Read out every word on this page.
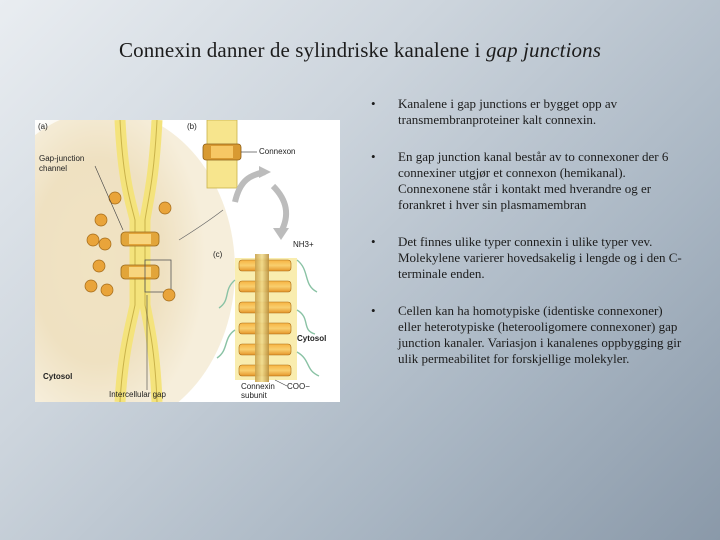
Connexin danner de sylindriske kanalene i gap junctions
(a)	(b)
(c)
Gap-junction
channel
Connexon
NH3+
Cytosol
Cytosol
Intercellular gap
Connexin
subunit
COO−
• Kanalene i gap junctions er bygget opp av transmembranproteiner kalt connexin.
• En gap junction kanal består av to connexoner der 6 connexiner utgjør et connexon (hemikanal). Connexonene står i kontakt med hverandre og er forankret i hver sin plasmamembran
• Det finnes ulike typer connexin i ulike typer vev. Molekylene varierer hovedsakelig i lengde og i den C-terminale enden.
• Cellen kan ha homotypiske (identiske connexoner) eller heterotypiske (heterooligomere connexoner) gap junction kanaler. Variasjon i kanalenes oppbygging gir ulik permeabilitet for forskjellige molekyler.
